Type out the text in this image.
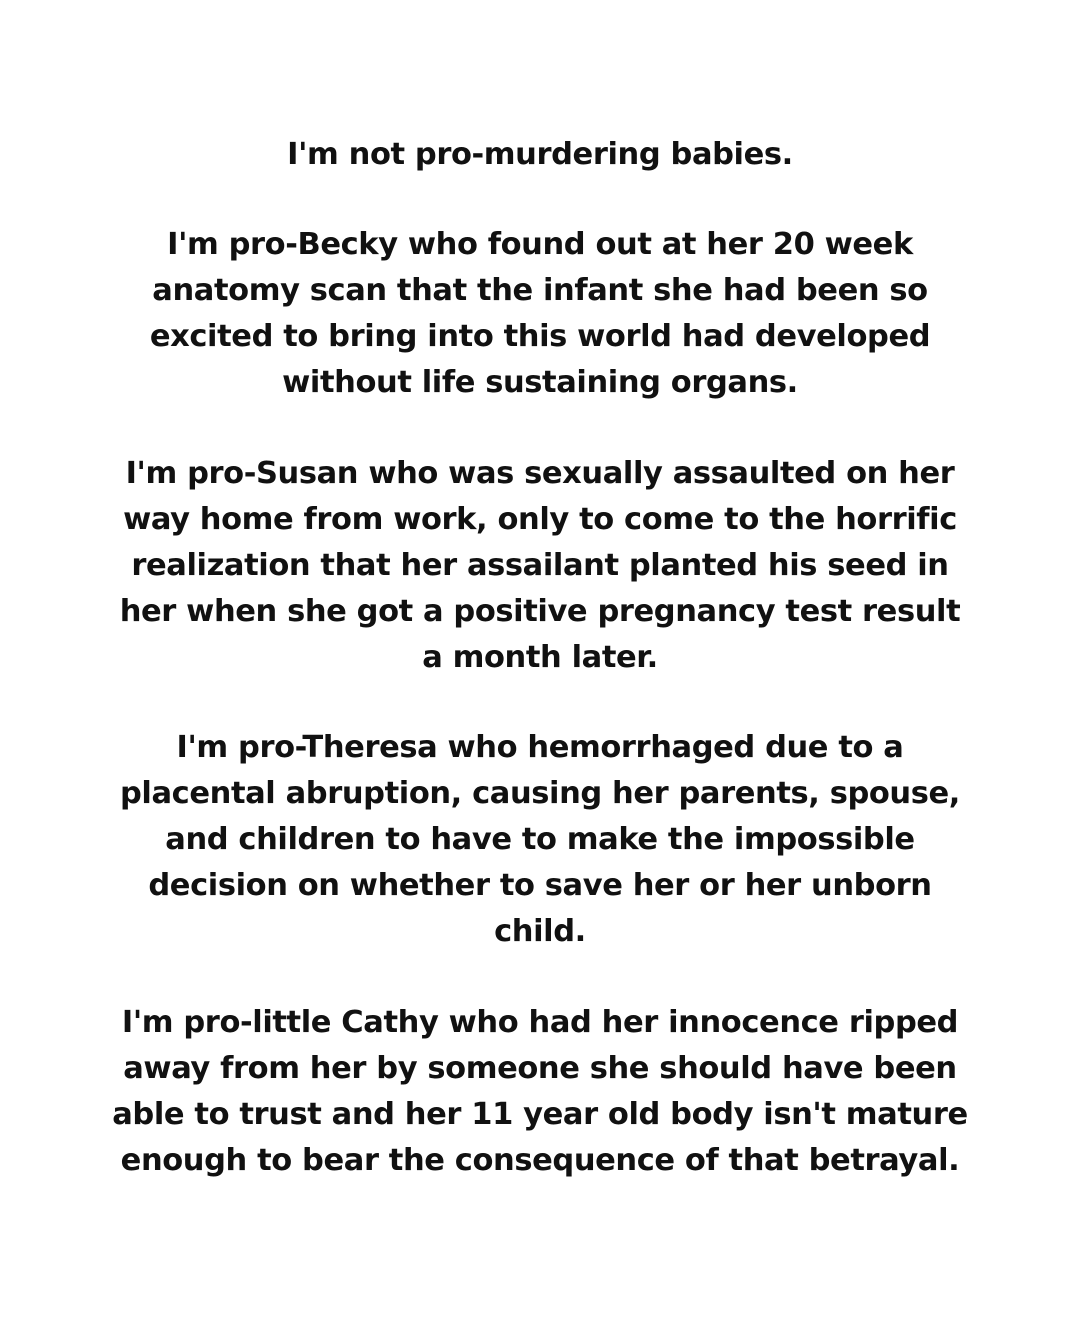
I'm not pro-murdering babies.
I'm pro-Becky who found out at her 20 week
anatomy scan that the infant she had been so
excited to bring into this world had developed
without life sustaining organs.
I'm pro-Susan who was sexually assaulted on her
way home from work, only to come to the horrific
realization that her assailant planted his seed in
her when she got a positive pregnancy test result
a month later.
I'm pro-Theresa who hemorrhaged due to a
placental abruption, causing her parents, spouse,
and children to have to make the impossible
decision on whether to save her or her unborn
child.
I'm pro-little Cathy who had her innocence ripped
away from her by someone she should have been
able to trust and her 11 year old body isn't mature
enough to bear the consequence of that betrayal.
